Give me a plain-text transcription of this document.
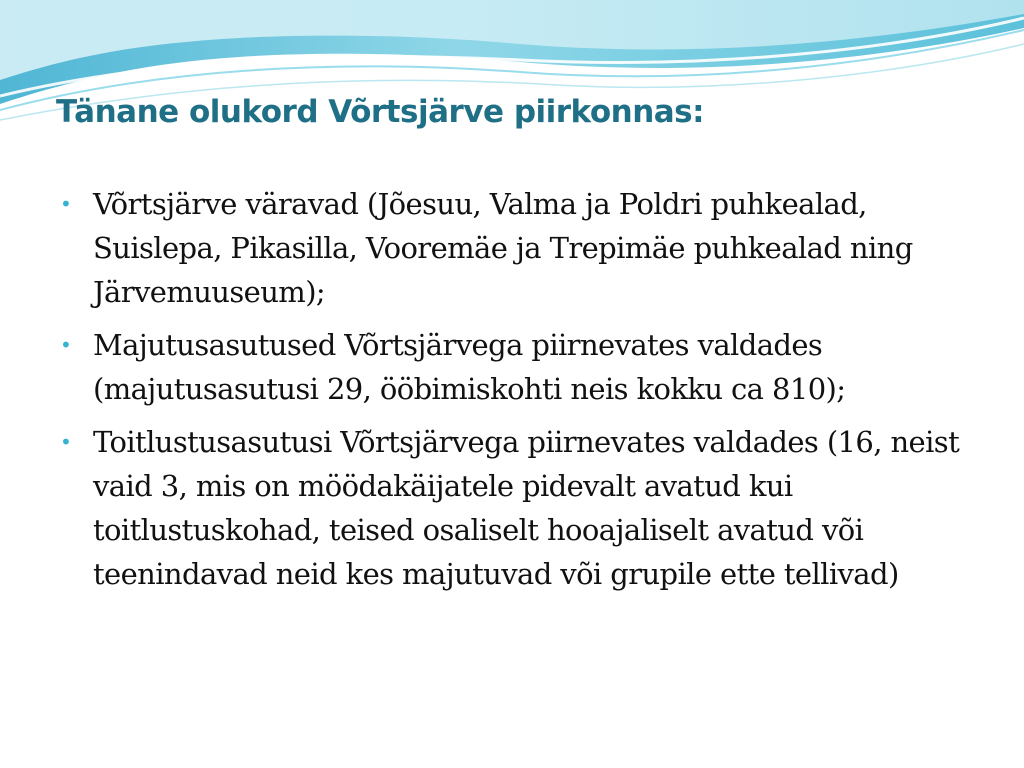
Tänane olukord Võrtsjärve piirkonnas:
• Võrtsjärve väravad (Jõesuu, Valma ja Poldri puhkealad, Suislepa, Pikasilla, Vooremäe ja Trepimäe puhkealad ning Järvemuuseum);
• Majutusasutused Võrtsjärvega piirnevates valdades (majutusasutusi 29, ööbimiskohti neis kokku ca 810);
• Toitlustusasutusi Võrtsjärvega piirnevates valdades (16, neist vaid 3, mis on möödakäijatele pidevalt avatud kui toitlustuskohad, teised osaliselt hooajaliselt avatud või teenindavad neid kes majutuvad või grupile ette tellivad)
